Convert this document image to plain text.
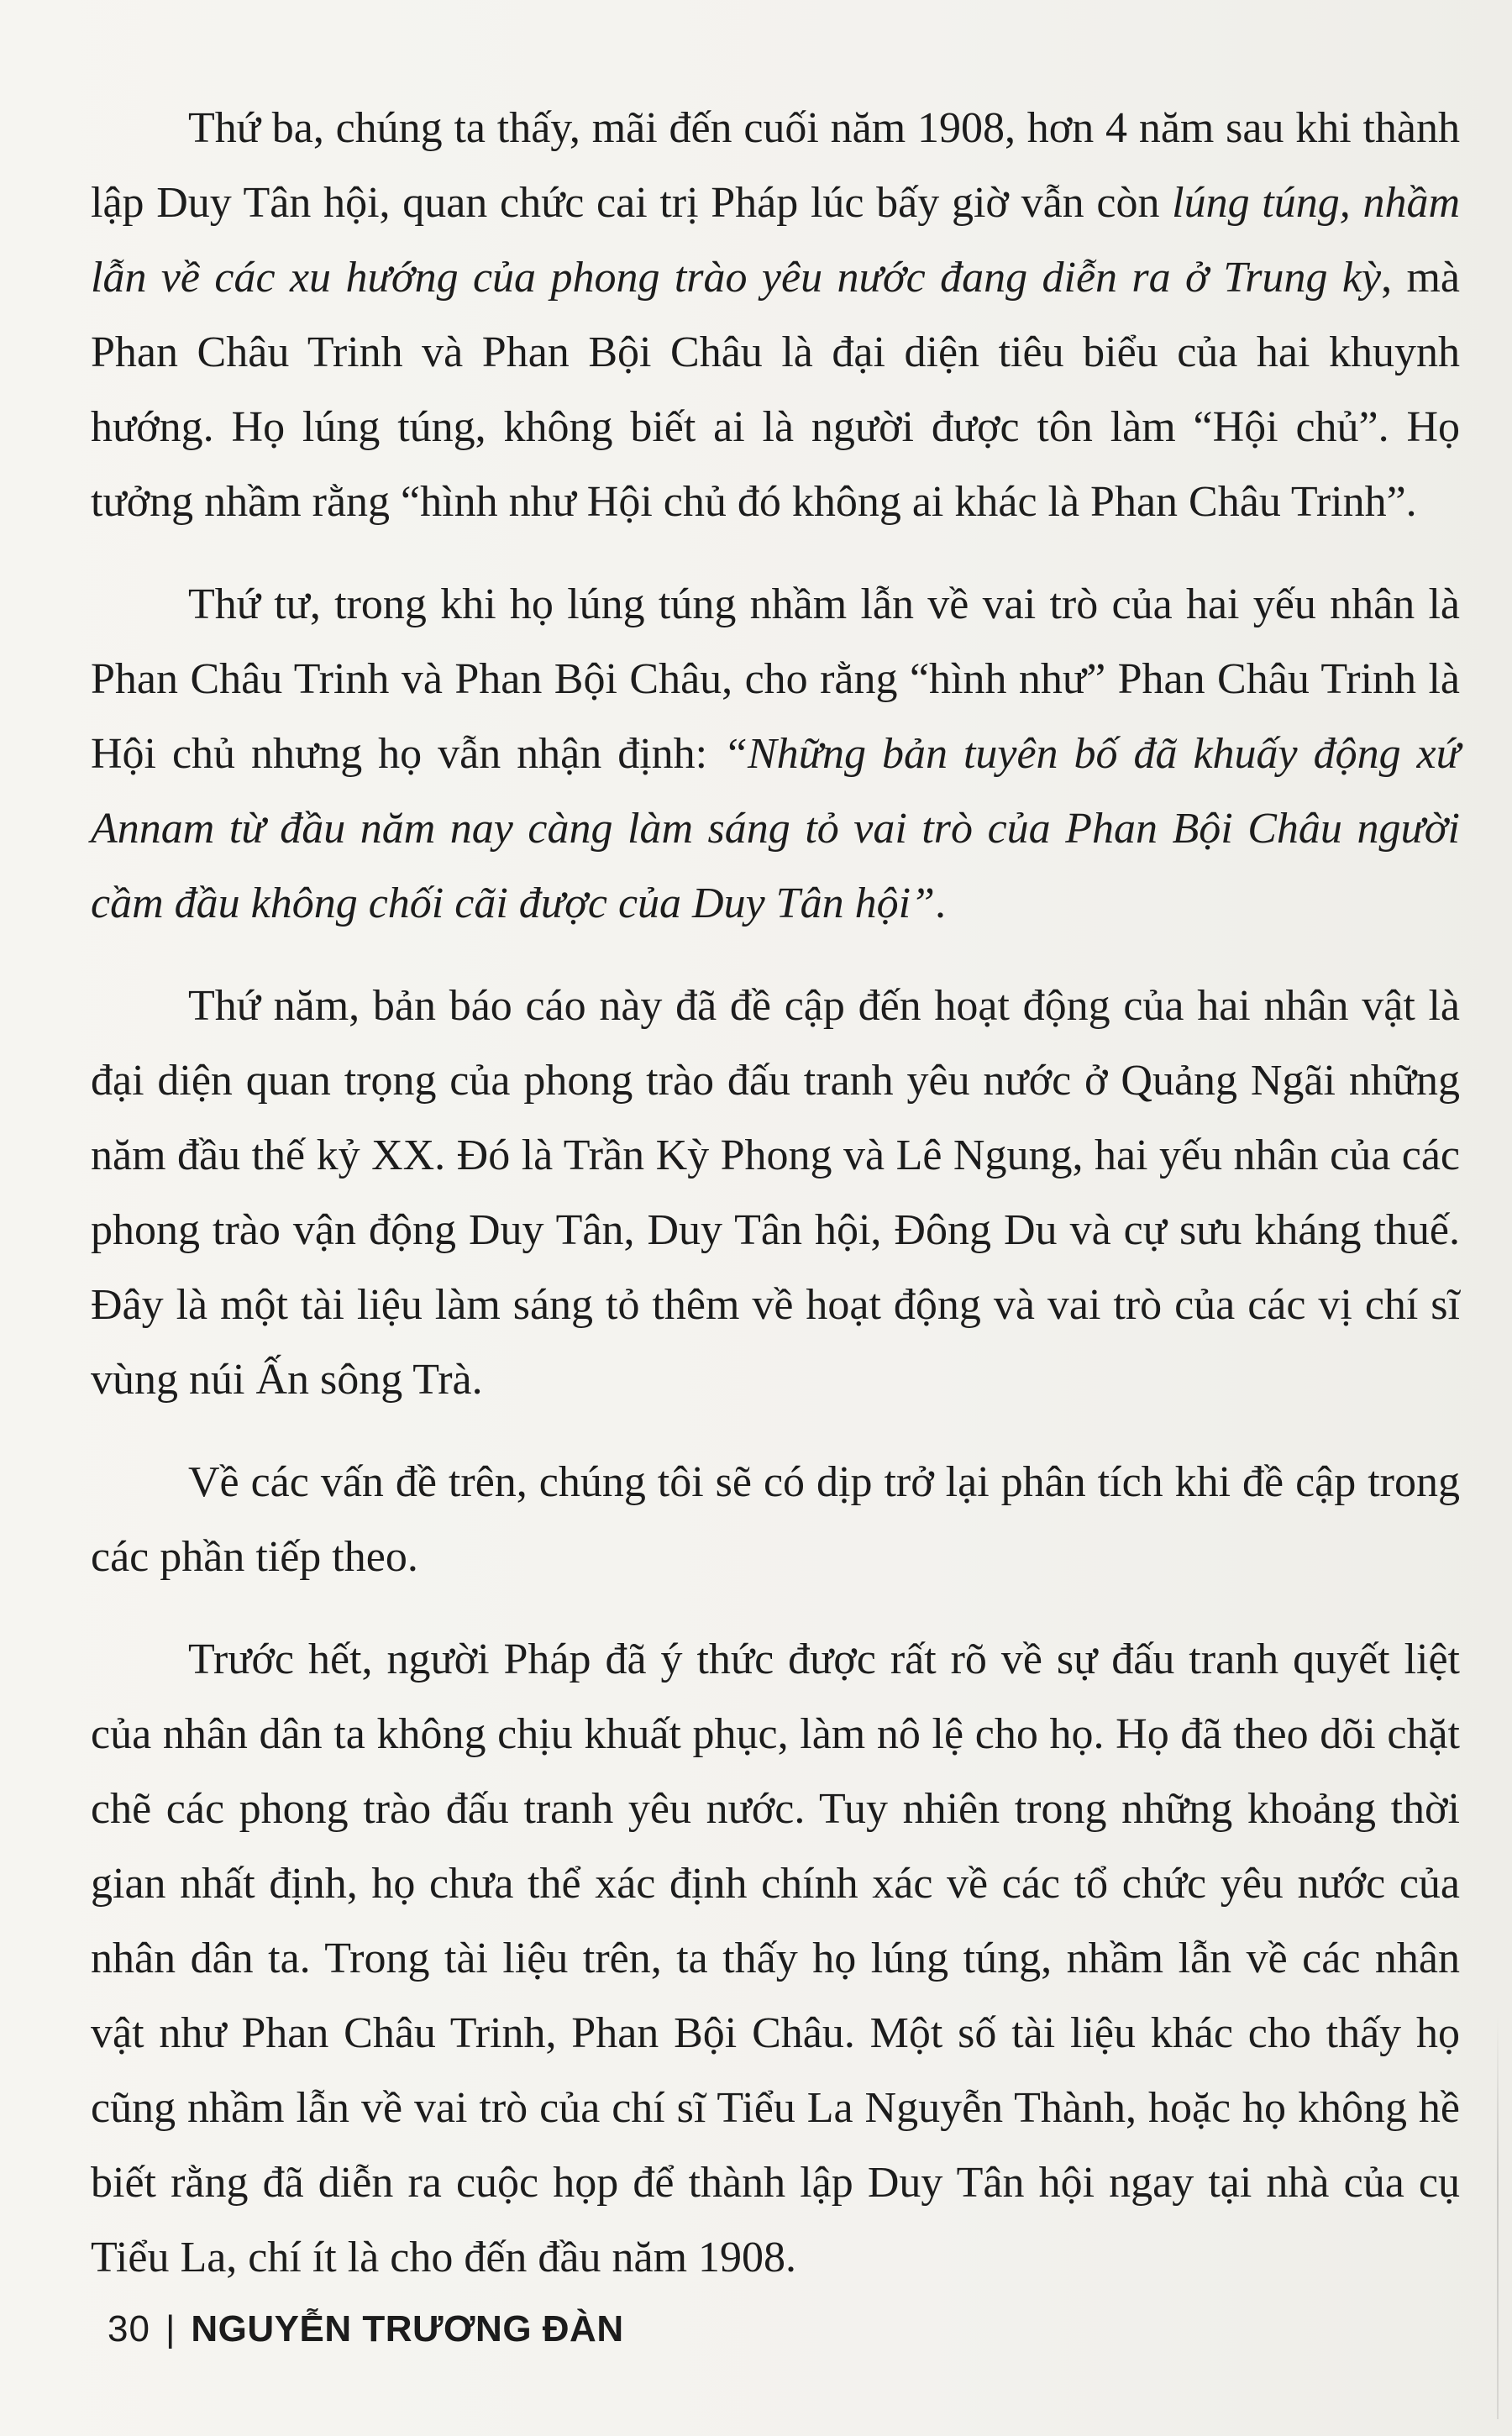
Thứ ba, chúng ta thấy, mãi đến cuối năm 1908, hơn 4 năm sau khi thành lập Duy Tân hội, quan chức cai trị Pháp lúc bấy giờ vẫn còn lúng túng, nhầm lẫn về các xu hướng của phong trào yêu nước đang diễn ra ở Trung kỳ, mà Phan Châu Trinh và Phan Bội Châu là đại diện tiêu biểu của hai khuynh hướng. Họ lúng túng, không biết ai là người được tôn làm “Hội chủ”. Họ tưởng nhầm rằng “hình như Hội chủ đó không ai khác là Phan Châu Trinh”.

Thứ tư, trong khi họ lúng túng nhầm lẫn về vai trò của hai yếu nhân là Phan Châu Trinh và Phan Bội Châu, cho rằng “hình như” Phan Châu Trinh là Hội chủ nhưng họ vẫn nhận định: “Những bản tuyên bố đã khuấy động xứ Annam từ đầu năm nay càng làm sáng tỏ vai trò của Phan Bội Châu người cầm đầu không chối cãi được của Duy Tân hội”.

Thứ năm, bản báo cáo này đã đề cập đến hoạt động của hai nhân vật là đại diện quan trọng của phong trào đấu tranh yêu nước ở Quảng Ngãi những năm đầu thế kỷ XX. Đó là Trần Kỳ Phong và Lê Ngung, hai yếu nhân của các phong trào vận động Duy Tân, Duy Tân hội, Đông Du và cự sưu kháng thuế. Đây là một tài liệu làm sáng tỏ thêm về hoạt động và vai trò của các vị chí sĩ vùng núi Ấn sông Trà.

Về các vấn đề trên, chúng tôi sẽ có dịp trở lại phân tích khi đề cập trong các phần tiếp theo.

Trước hết, người Pháp đã ý thức được rất rõ về sự đấu tranh quyết liệt của nhân dân ta không chịu khuất phục, làm nô lệ cho họ. Họ đã theo dõi chặt chẽ các phong trào đấu tranh yêu nước. Tuy nhiên trong những khoảng thời gian nhất định, họ chưa thể xác định chính xác về các tổ chức yêu nước của nhân dân ta. Trong tài liệu trên, ta thấy họ lúng túng, nhầm lẫn về các nhân vật như Phan Châu Trinh, Phan Bội Châu. Một số tài liệu khác cho thấy họ cũng nhầm lẫn về vai trò của chí sĩ Tiểu La Nguyễn Thành, hoặc họ không hề biết rằng đã diễn ra cuộc họp để thành lập Duy Tân hội ngay tại nhà của cụ Tiểu La, chí ít là cho đến đầu năm 1908.

30 | NGUYỄN TRƯƠNG ĐÀN
